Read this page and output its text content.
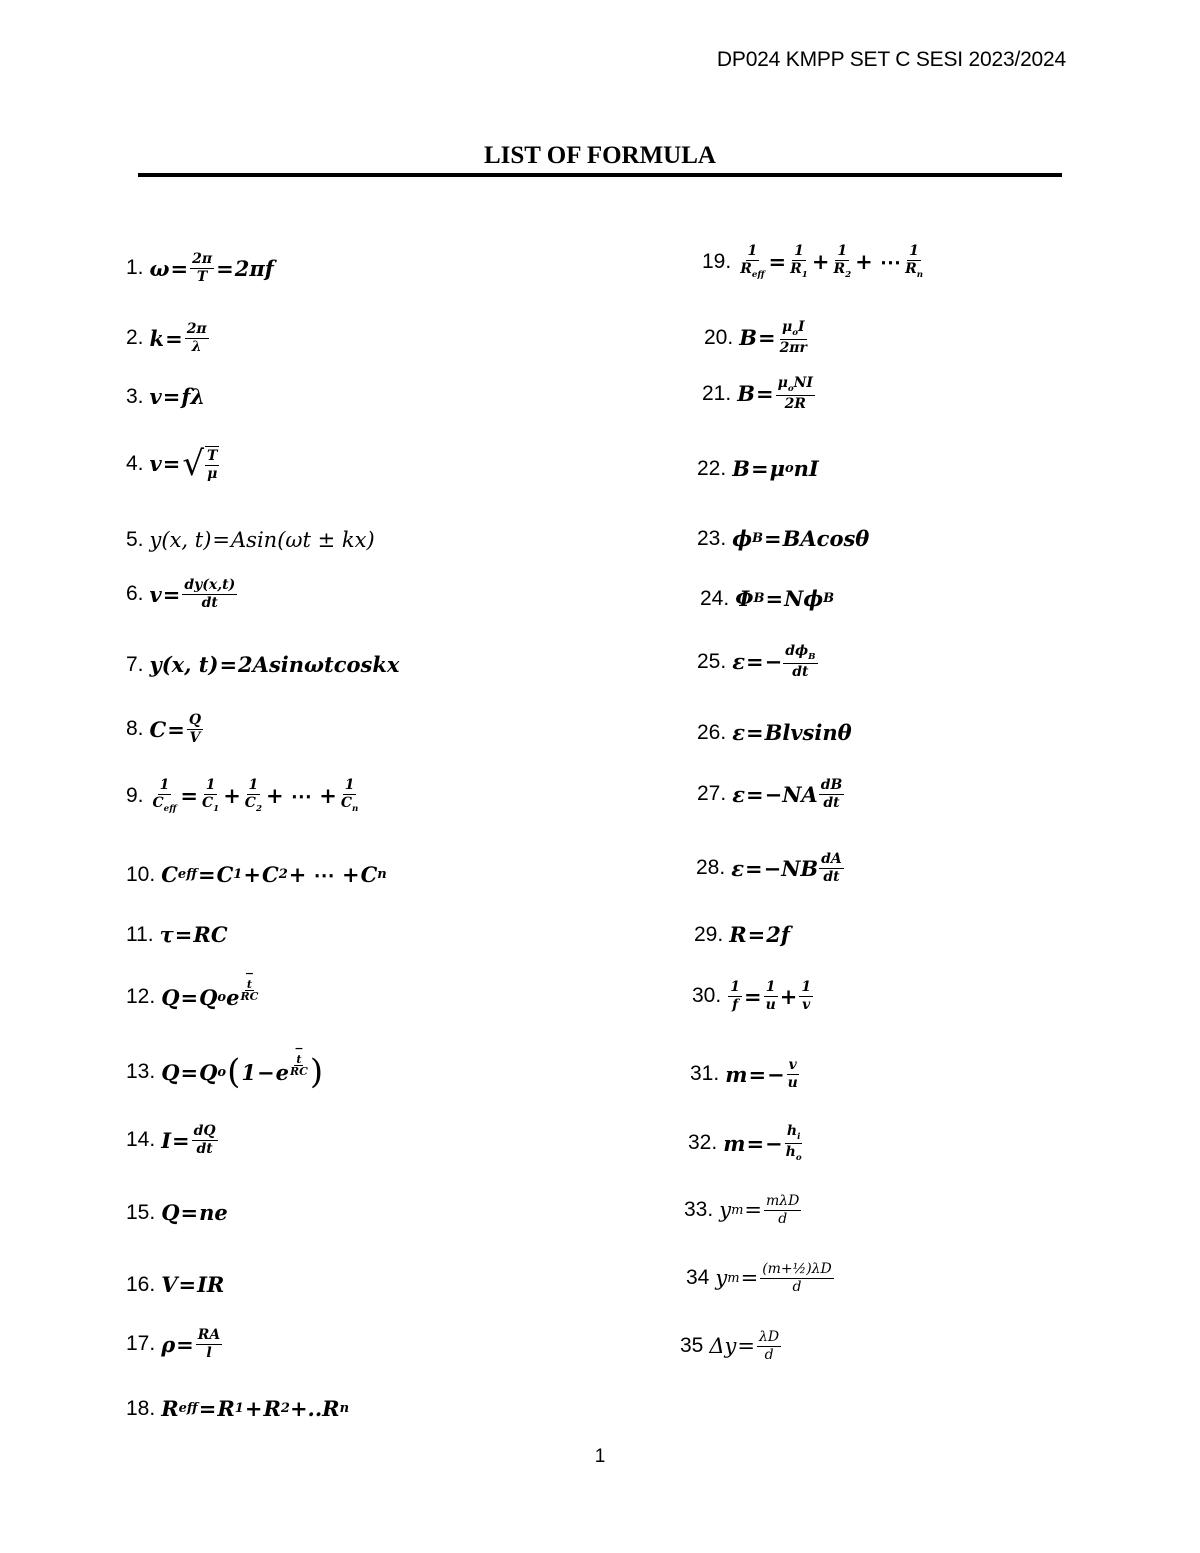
DP024 KMPP SET C SESI 2023/2024
LIST OF FORMULA
1. $\omega = \frac{2\pi}{T} = 2\pi f$
2. $k = \frac{2\pi}{\lambda}$
3. v = fλ
4. v = √ T
μ
5. y(x, t) = Asin(ωt ± kx)
6. $v = \frac{dy(x,t)}{dt}$
7. y(x, t) = 2Asinωtcoskx
8. $C = \frac{Q}{V}$
9. 1
$C_{eff}$
= $\frac{1}{C_1} + \frac{1}{C_2}$ + ⋯ + $\frac{1}{C_n}$
10. C eff = C 1 + C 2 + ⋯ + C n
11. τ = RC
12. Q = Q o e
−
t
RC
13. Q = Q o ( 1 − e
−
t
RC )
14. $I = \frac{dQ}{dt}$
15. Q = ne
16. V = IR
17. $\rho = \frac{RA}{l}$
18. R eff = R 1 + R 2 +..R n
19. 1
$R_{eff}$
= $\frac{1}{R_1} + \frac{1}{R_2}$ + ⋯ 1
$R_n$
20. $B = \mu_oI$
2πr
21. $B = \mu_oNI$
2R
22. B = μ o nI
23. ϕ B = BAcosθ
24. Φ B = Nϕ B
25. ε = − $d\phi_B$
dt
26. ε = Blvsinθ
27. $\varepsilon = -NA \frac{dB}{dt}$
28. $\varepsilon = -NB \frac{dA}{dt}$
29. R = 2f
30. $\frac{1}{f} = \frac{1}{u} + \frac{1}{v}$
31. m = − $\frac{v}{u}$
32. m = − $\frac{h_i}{h_o}$
33. y m = mλD
d
34 y $m = \frac{\text{(m+½)λD}}{d}$
35 $\Delta y = \frac{\lambda D}{d}$
1
